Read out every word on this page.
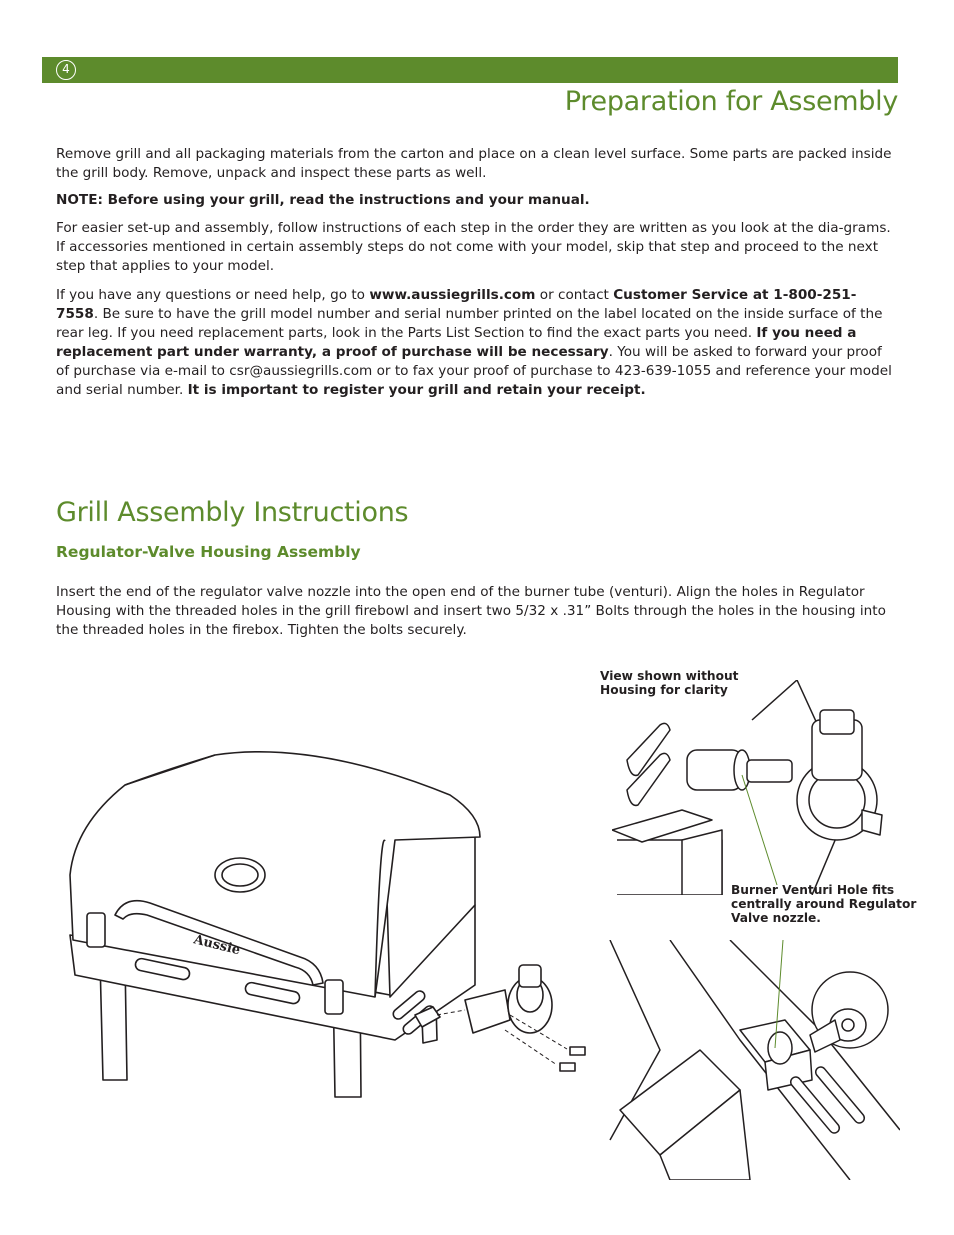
4
Preparation for Assembly

Remove grill and all packaging materials from the carton and place on a clean level surface. Some parts are packed inside the grill body. Remove, unpack and inspect these parts as well.

NOTE: Before using your grill, read the instructions and your manual.

For easier set-up and assembly, follow instructions of each step in the order they are written as you look at the dia-grams. If accessories mentioned in certain assembly steps do not come with your model, skip that step and proceed to the next step that applies to your model.

If you have any questions or need help, go to www.aussiegrills.com or contact Customer Service at 1-800-251-7558. Be sure to have the grill model number and serial number printed on the label located on the inside surface of the rear leg. If you need replacement parts, look in the Parts List Section to find the exact parts you need. If you need a replacement part under warranty, a proof of purchase will be necessary. You will be asked to forward your proof of purchase via e-mail to csr@aussiegrills.com or to fax your proof of purchase to 423-639-1055 and reference your model and serial number. It is important to register your grill and retain your receipt.

Grill Assembly Instructions
Regulator-Valve Housing Assembly

Insert the end of the regulator valve nozzle into the open end of the burner tube (venturi). Align the holes in Regulator Housing with the threaded holes in the grill firebowl and insert two 5/32 x .31” Bolts through the holes in the housing into the threaded holes in the firebox. Tighten the bolts securely.

Aussie
View shown without Housing for clarity
Burner Venturi Hole fits centrally around Regulator Valve nozzle.
